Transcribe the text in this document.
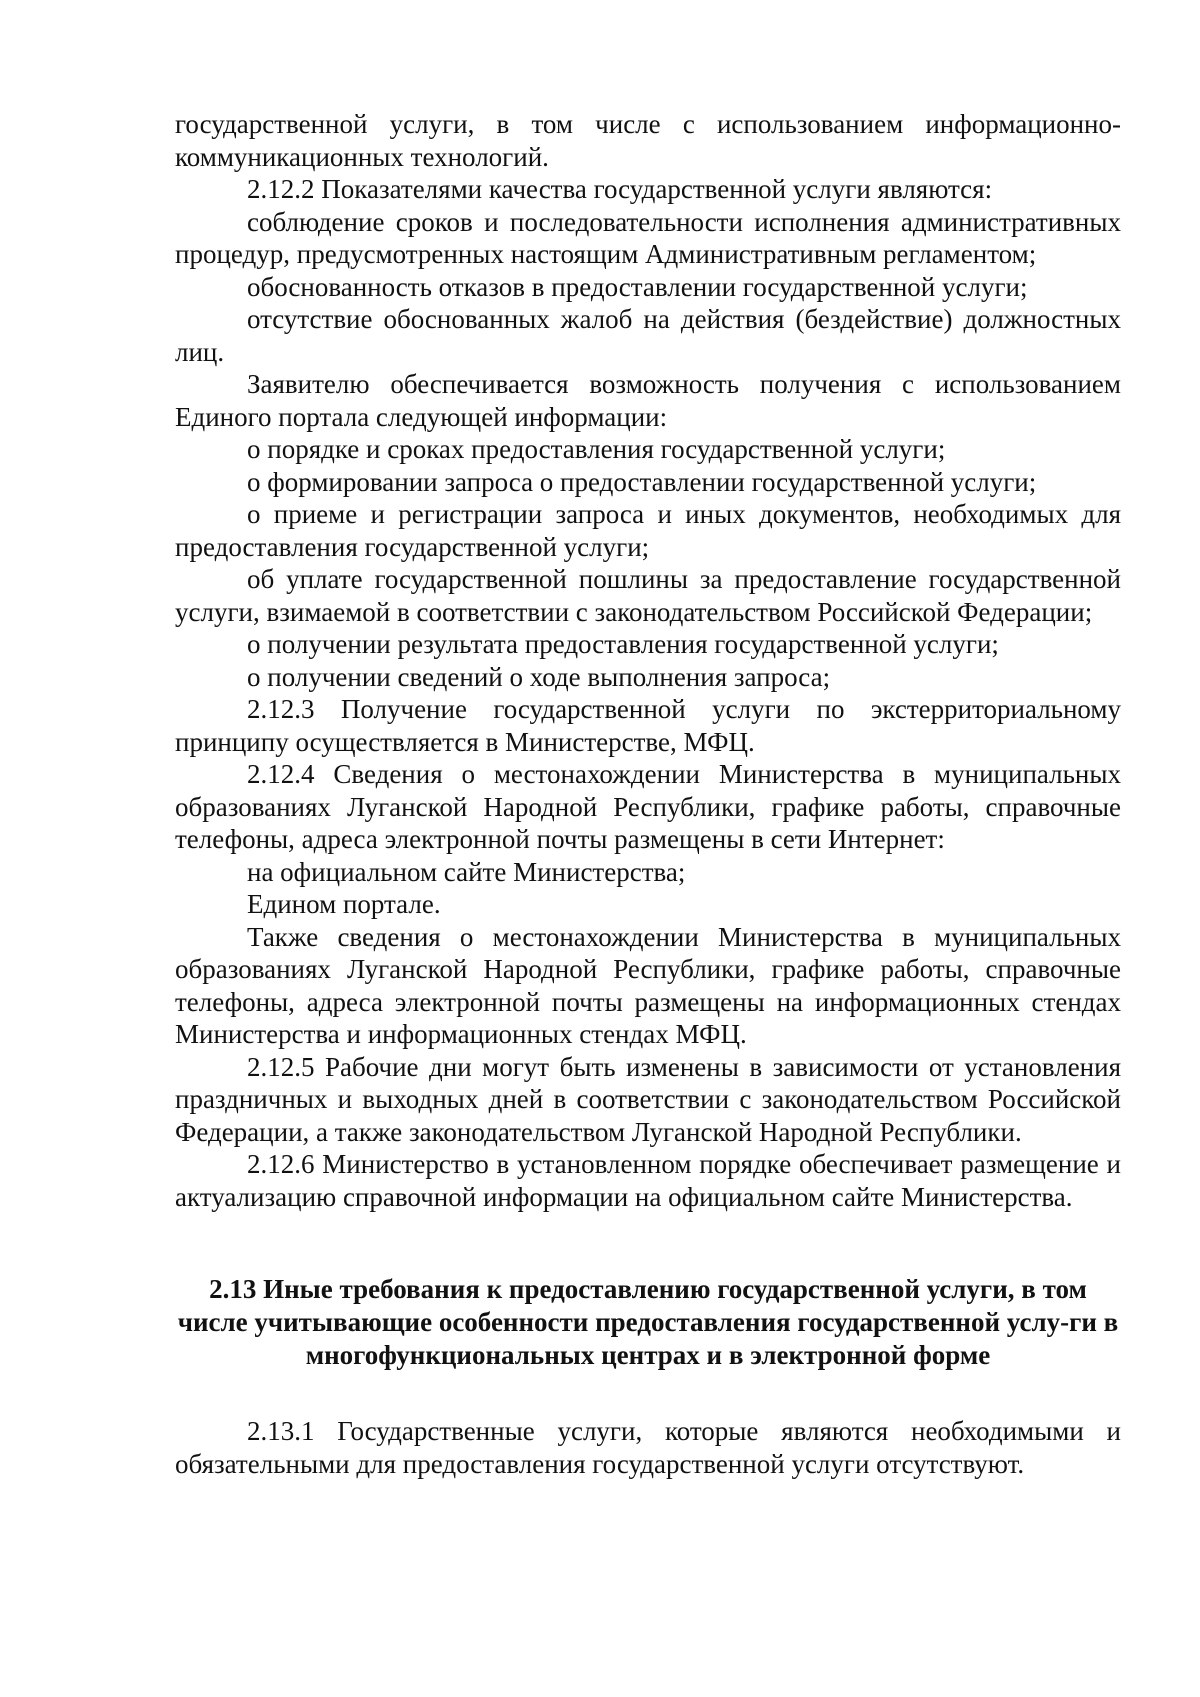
государственной услуги, в том числе с использованием информационно-коммуникационных технологий.

2.12.2 Показателями качества государственной услуги являются:

соблюдение сроков и последовательности исполнения административных процедур, предусмотренных настоящим Административным регламентом;

обоснованность отказов в предоставлении государственной услуги;

отсутствие обоснованных жалоб на действия (бездействие) должностных лиц.

Заявителю обеспечивается возможность получения с использованием Единого портала следующей информации:

о порядке и сроках предоставления государственной услуги;

о формировании запроса о предоставлении государственной услуги;

о приеме и регистрации запроса и иных документов, необходимых для предоставления государственной услуги;

об уплате государственной пошлины за предоставление государственной услуги, взимаемой в соответствии с законодательством Российской Федерации;

о получении результата предоставления государственной услуги;

о получении сведений о ходе выполнения запроса;

2.12.3 Получение государственной услуги по экстерриториальному принципу осуществляется в Министерстве, МФЦ.

2.12.4 Сведения о местонахождении Министерства в муниципальных образованиях Луганской Народной Республики, графике работы, справочные телефоны, адреса электронной почты размещены в сети Интернет:

на официальном сайте Министерства;

Едином портале.

Также сведения о местонахождении Министерства в муниципальных образованиях Луганской Народной Республики, графике работы, справочные телефоны, адреса электронной почты размещены на информационных стендах Министерства и информационных стендах МФЦ.

2.12.5 Рабочие дни могут быть изменены в зависимости от установления праздничных и выходных дней в соответствии с законодательством Российской Федерации, а также законодательством Луганской Народной Республики.

2.12.6 Министерство в установленном порядке обеспечивает размещение и актуализацию справочной информации на официальном сайте Министерства.

2.13 Иные требования к предоставлению государственной услуги, в том числе учитывающие особенности предоставления государственной услу-ги в многофункциональных центрах и в электронной форме

2.13.1 Государственные услуги, которые являются необходимыми и обязательными для предоставления государственной услуги отсутствуют.
